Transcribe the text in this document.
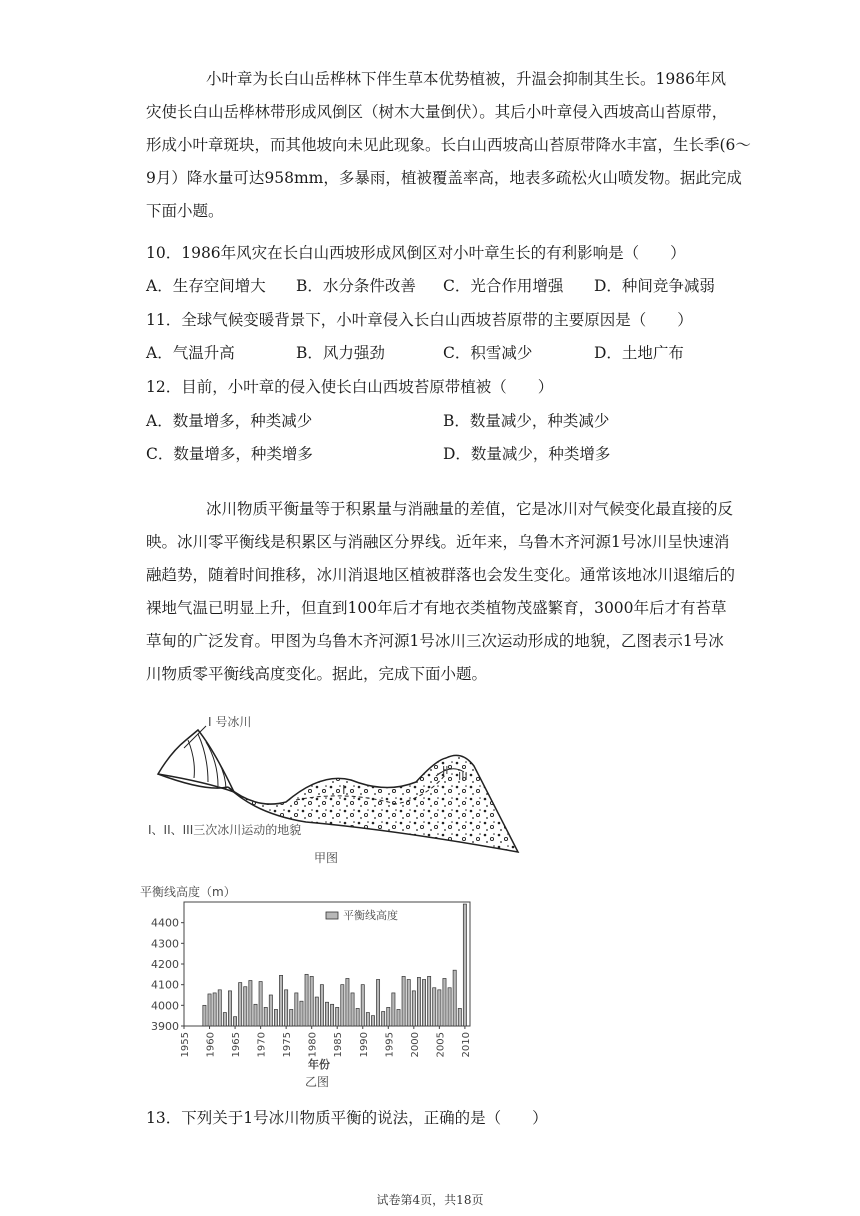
小叶章为长白山岳桦林下伴生草本优势植被，升温会抑制其生长。1986年风
灾使长白山岳桦林带形成风倒区（树木大量倒伏）。其后小叶章侵入西坡高山苔原带，
形成小叶章斑块，而其他坡向未见此现象。长白山西坡高山苔原带降水丰富，生长季(6～
9月）降水量可达958mm，多暴雨，植被覆盖率高，地表多疏松火山喷发物。据此完成
下面小题。
10．1986年风灾在长白山西坡形成风倒区对小叶章生长的有利影响是（　　）
A．生存空间增大 B．水分条件改善 C．光合作用增强 D．种间竞争减弱
11．全球气候变暖背景下，小叶章侵入长白山西坡苔原带的主要原因是（　　）
A．气温升高	B．风力强劲	C．积雪减少	D．土地广布
12．目前，小叶章的侵入使长白山西坡苔原带植被（　　）
A．数量增多，种类减少	B．数量减少，种类减少
C．数量增多，种类增多	D．数量减少，种类增多
冰川物质平衡量等于积累量与消融量的差值，它是冰川对气候变化最直接的反
映。冰川零平衡线是积累区与消融区分界线。近年来，乌鲁木齐河源1号冰川呈快速消
融趋势，随着时间推移，冰川消退地区植被群落也会发生变化。通常该地冰川退缩后的
裸地气温已明显上升，但直到100年后才有地衣类植物茂盛繁育，3000年后才有苔草
草甸的广泛发育。甲图为乌鲁木齐河源1号冰川三次运动形成的地貌，乙图表示1号冰
川物质零平衡线高度变化。据此，完成下面小题。
I 号冰川
I
II III
I、II、III三次冰川运动的地貌
甲图
3900
4000
4100
4200
4300
4400
1955 1960 1965 1970 1975 1980 1985 1990 1995 2000 2005 2010
平衡线高度（m）
平衡线高度
年份
乙图
13．下列关于1号冰川物质平衡的说法，正确的是（　　）
试卷第4页，共18页
